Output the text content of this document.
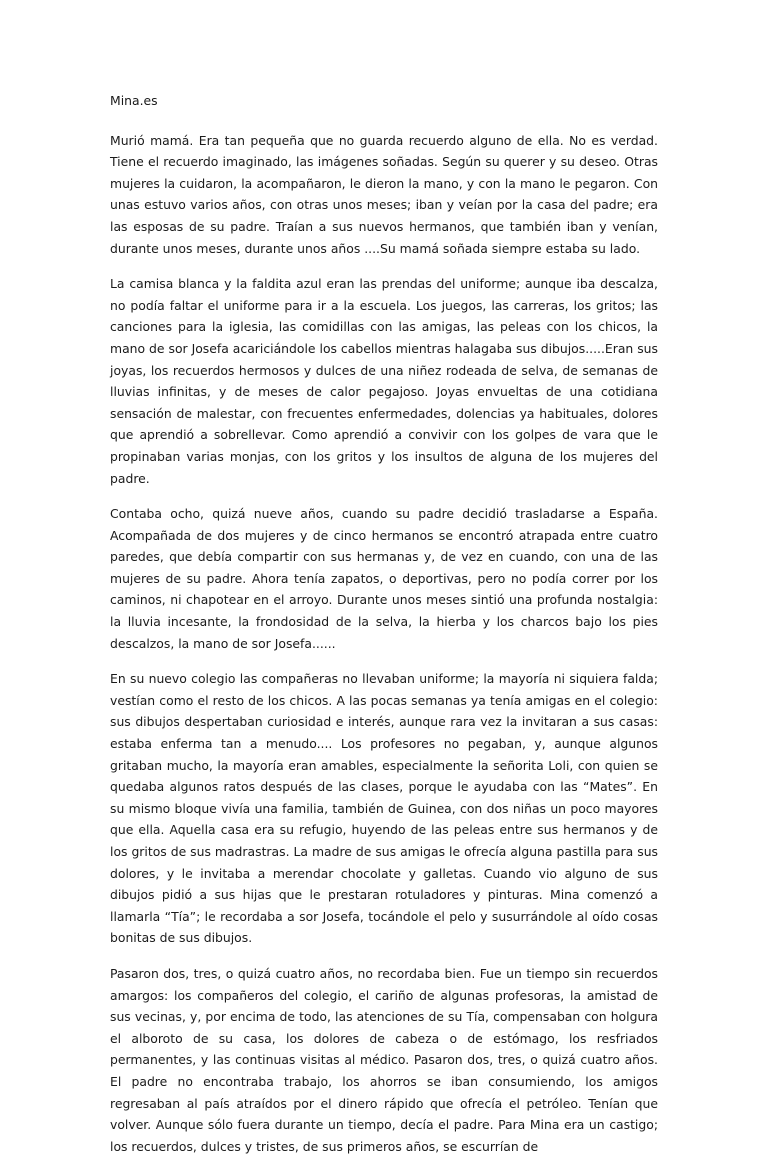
Mina.es

Murió mamá. Era tan pequeña que no guarda recuerdo alguno de ella. No es verdad. Tiene el recuerdo imaginado, las imágenes soñadas. Según su querer y su deseo. Otras mujeres la cuidaron, la acompañaron, le dieron la mano, y con la mano le pegaron. Con unas estuvo varios años, con otras unos meses; iban y veían por la casa del padre; era las esposas de su padre. Traían a sus nuevos hermanos, que también iban y venían, durante unos meses, durante unos años ....Su mamá soñada siempre estaba su lado.

La camisa blanca y la faldita azul eran las prendas del uniforme; aunque iba descalza, no podía faltar el uniforme para ir a la escuela. Los juegos, las carreras, los gritos; las canciones para la iglesia, las comidillas con las amigas, las peleas con los chicos, la mano de sor Josefa acariciándole los cabellos mientras halagaba sus dibujos.....Eran sus joyas, los recuerdos hermosos y dulces de una niñez rodeada de selva, de semanas de lluvias infinitas, y de meses de calor pegajoso. Joyas envueltas de una cotidiana sensación de malestar, con frecuentes enfermedades, dolencias ya habituales, dolores que aprendió a sobrellevar. Como aprendió a convivir con los golpes de vara que le propinaban varias monjas, con los gritos y los insultos de alguna de los mujeres del padre.

Contaba ocho, quizá nueve años, cuando su padre decidió trasladarse a España. Acompañada de dos mujeres y de cinco hermanos se encontró atrapada entre cuatro paredes, que debía compartir con sus hermanas y, de vez en cuando, con una de las mujeres de su padre. Ahora tenía zapatos, o deportivas, pero no podía correr por los caminos, ni chapotear en el arroyo. Durante unos meses sintió una profunda nostalgia: la lluvia incesante, la frondosidad de la selva, la hierba y los charcos bajo los pies descalzos, la mano de sor Josefa......

En su nuevo colegio las compañeras no llevaban uniforme; la mayoría ni siquiera falda; vestían como el resto de los chicos. A las pocas semanas ya tenía amigas en el colegio: sus dibujos despertaban curiosidad e interés, aunque rara vez la invitaran a sus casas: estaba enferma tan a menudo.... Los profesores no pegaban, y, aunque algunos gritaban mucho, la mayoría eran amables, especialmente la señorita Loli, con quien se quedaba algunos ratos después de las clases, porque le ayudaba con las “Mates”. En su mismo bloque vivía una familia, también de Guinea, con dos niñas un poco mayores que ella. Aquella casa era su refugio, huyendo de las peleas entre sus hermanos y de los gritos de sus madrastras. La madre de sus amigas le ofrecía alguna pastilla para sus dolores, y le invitaba a merendar chocolate y galletas. Cuando vio alguno de sus dibujos pidió a sus hijas que le prestaran rotuladores y pinturas. Mina comenzó a llamarla “Tía”; le recordaba a sor Josefa, tocándole el pelo y susurrándole al oído cosas bonitas de sus dibujos.

Pasaron dos, tres, o quizá cuatro años, no recordaba bien. Fue un tiempo sin recuerdos amargos: los compañeros del colegio, el cariño de algunas profesoras, la amistad de sus vecinas, y, por encima de todo, las atenciones de su Tía, compensaban con holgura el alboroto de su casa, los dolores de cabeza o de estómago, los resfriados permanentes, y las continuas visitas al médico. Pasaron dos, tres, o quizá cuatro años. El padre no encontraba trabajo, los ahorros se iban consumiendo, los amigos regresaban al país atraídos por el dinero rápido que ofrecía el petróleo. Tenían que volver. Aunque sólo fuera durante un tiempo, decía el padre. Para Mina era un castigo; los recuerdos, dulces y tristes, de sus primeros años, se escurrían de
